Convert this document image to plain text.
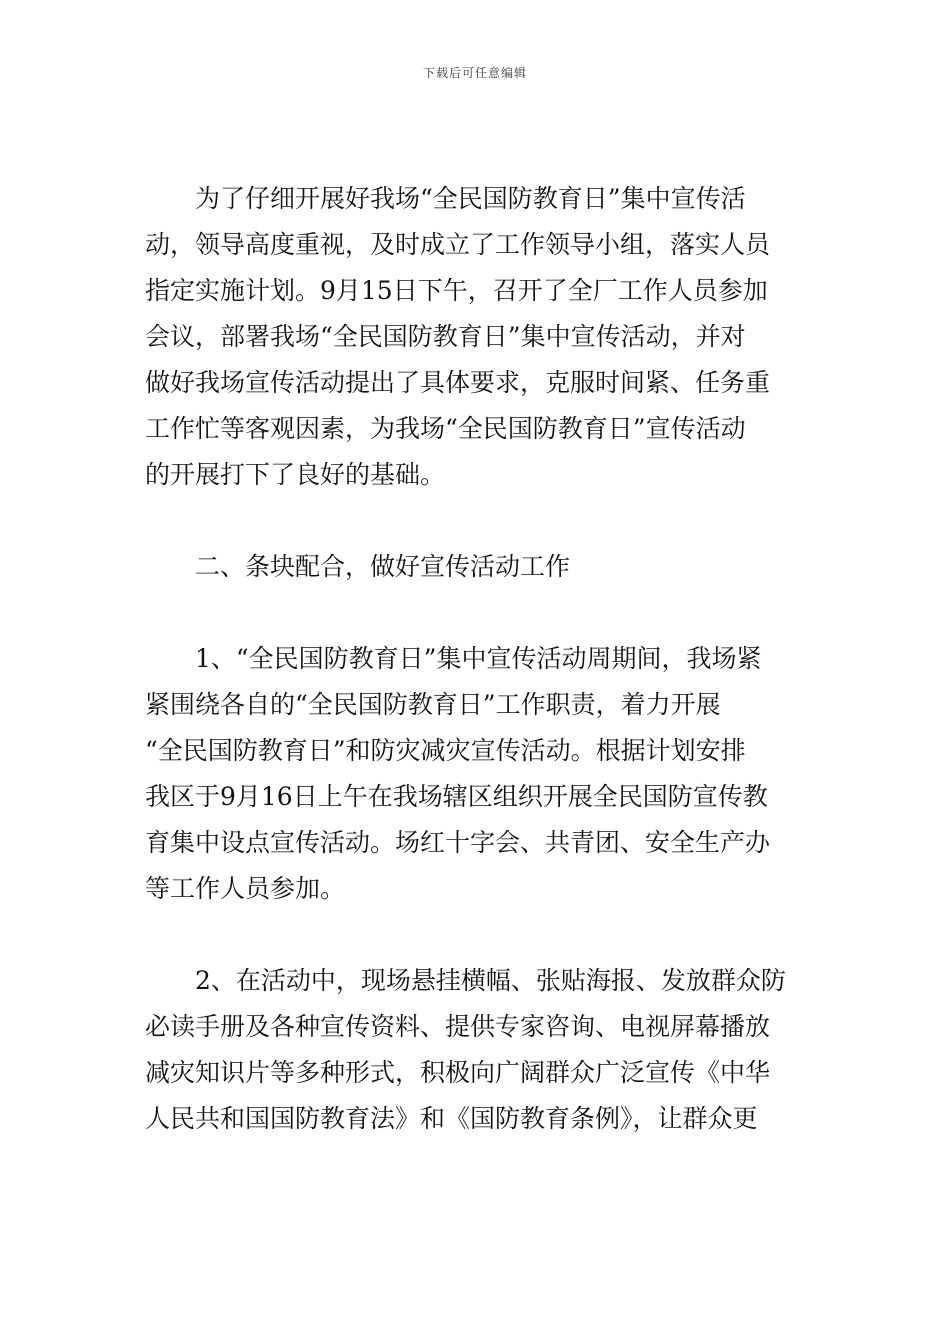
下载后可任意编辑
为了仔细开展好我场“全民国防教育日”集中宣传活
动，领导高度重视，及时成立了工作领导小组，落实人员
指定实施计划。9月15日下午，召开了全厂工作人员参加
会议，部署我场“全民国防教育日”集中宣传活动，并对
做好我场宣传活动提出了具体要求，克服时间紧、任务重
工作忙等客观因素，为我场“全民国防教育日”宣传活动
的开展打下了良好的基础。
二、条块配合，做好宣传活动工作
1、“全民国防教育日”集中宣传活动周期间，我场紧
紧围绕各自的“全民国防教育日”工作职责，着力开展
“全民国防教育日”和防灾减灾宣传活动。根据计划安排
我区于9月16日上午在我场辖区组织开展全民国防宣传教
育集中设点宣传活动。场红十字会、共青团、安全生产办
等工作人员参加。
2、在活动中，现场悬挂横幅、张贴海报、发放群众防
必读手册及各种宣传资料、提供专家咨询、电视屏幕播放
减灾知识片等多种形式，积极向广阔群众广泛宣传《中华
人民共和国国防教育法》和《国防教育条例》，让群众更
